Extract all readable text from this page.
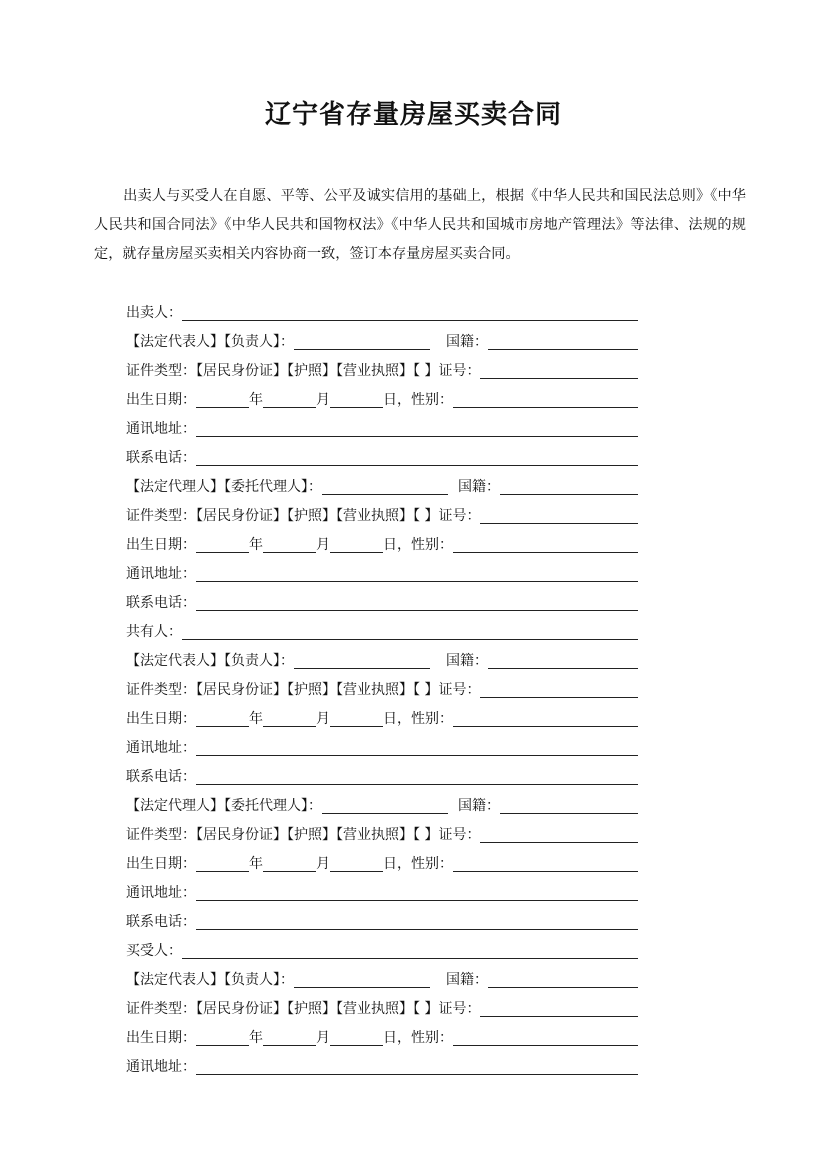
辽宁省存量房屋买卖合同
出卖人与买受人在自愿、平等、公平及诚实信用的基础上，根据《中华人民共和国民法总则》《中华人民共和国合同法》《中华人民共和国物权法》《中华人民共和国城市房地产管理法》等法律、法规的规定，就存量房屋买卖相关内容协商一致，签订本存量房屋买卖合同。
出卖人：
【法定代表人】【负责人】：	国籍：
证件类型：【居民身份证】【护照】【营业执照】【 】证号：
出生日期：	年	月	日，性别：
通讯地址：
联系电话：
【法定代理人】【委托代理人】：	国籍：
证件类型：【居民身份证】【护照】【营业执照】【 】证号：
出生日期：	年	月	日，性别：
通讯地址：
联系电话：
共有人：
【法定代表人】【负责人】：	国籍：
证件类型：【居民身份证】【护照】【营业执照】【 】证号：
出生日期：	年	月	日，性别：
通讯地址：
联系电话：
【法定代理人】【委托代理人】：	国籍：
证件类型：【居民身份证】【护照】【营业执照】【 】证号：
出生日期：	年	月	日，性别：
通讯地址：
联系电话：
买受人：
【法定代表人】【负责人】：	国籍：
证件类型：【居民身份证】【护照】【营业执照】【 】证号：
出生日期：	年	月	日，性别：
通讯地址：
